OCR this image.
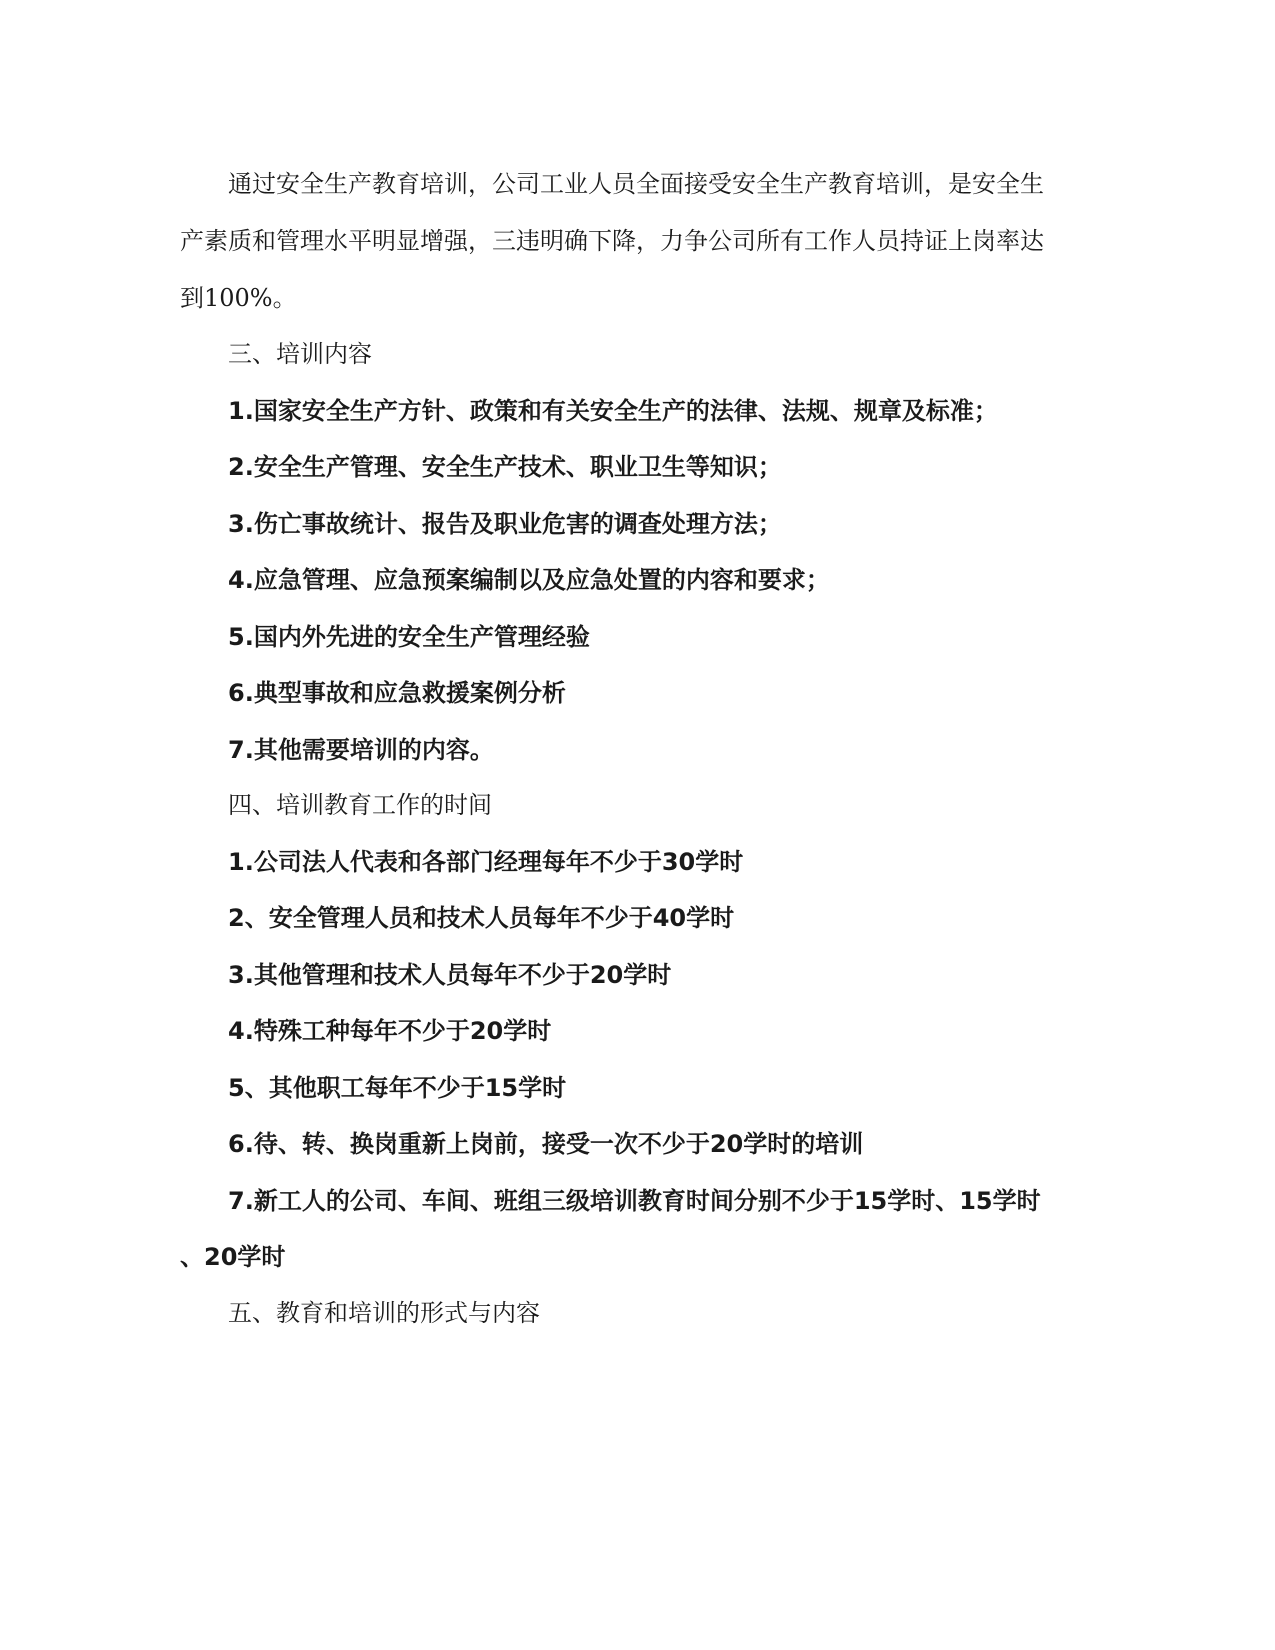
通过安全生产教育培训，公司工业人员全面接受安全生产教育培训，是安全生
产素质和管理水平明显增强，三违明确下降，力争公司所有工作人员持证上岗率达
到100%。
三、培训内容
1.国家安全生产方针、政策和有关安全生产的法律、法规、规章及标准；
2.安全生产管理、安全生产技术、职业卫生等知识；
3.伤亡事故统计、报告及职业危害的调查处理方法；
4.应急管理、应急预案编制以及应急处置的内容和要求；
5.国内外先进的安全生产管理经验
6.典型事故和应急救援案例分析
7.其他需要培训的内容。
四、培训教育工作的时间
1.公司法人代表和各部门经理每年不少于30学时
2、安全管理人员和技术人员每年不少于40学时
3.其他管理和技术人员每年不少于20学时
4.特殊工种每年不少于20学时
5、其他职工每年不少于15学时
6.待、转、换岗重新上岗前，接受一次不少于20学时的培训
7.新工人的公司、车间、班组三级培训教育时间分别不少于15学时、15学时
、20学时
五、教育和培训的形式与内容
